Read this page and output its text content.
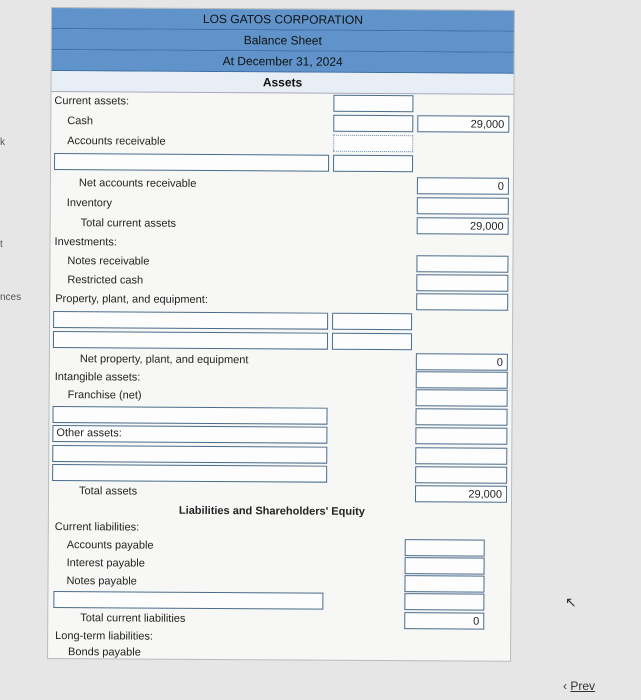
k
t
nces
LOS GATOS CORPORATION
Balance Sheet
At December 31, 2024
Assets
Current assets:
Cash	29,000
Accounts receivable
Net accounts receivable	0
Inventory
Total current assets	29,000
Investments:
Notes receivable
Restricted cash
Property, plant, and equipment:
Net property, plant, and equipment	0
Intangible assets:
Franchise (net)
Other assets:
Total assets	29,000
Liabilities and Shareholders' Equity
Current liabilities:
Accounts payable
Interest payable
Notes payable
Total current liabilities	0
Long-term liabilities:
Bonds payable
↖
‹ Prev
